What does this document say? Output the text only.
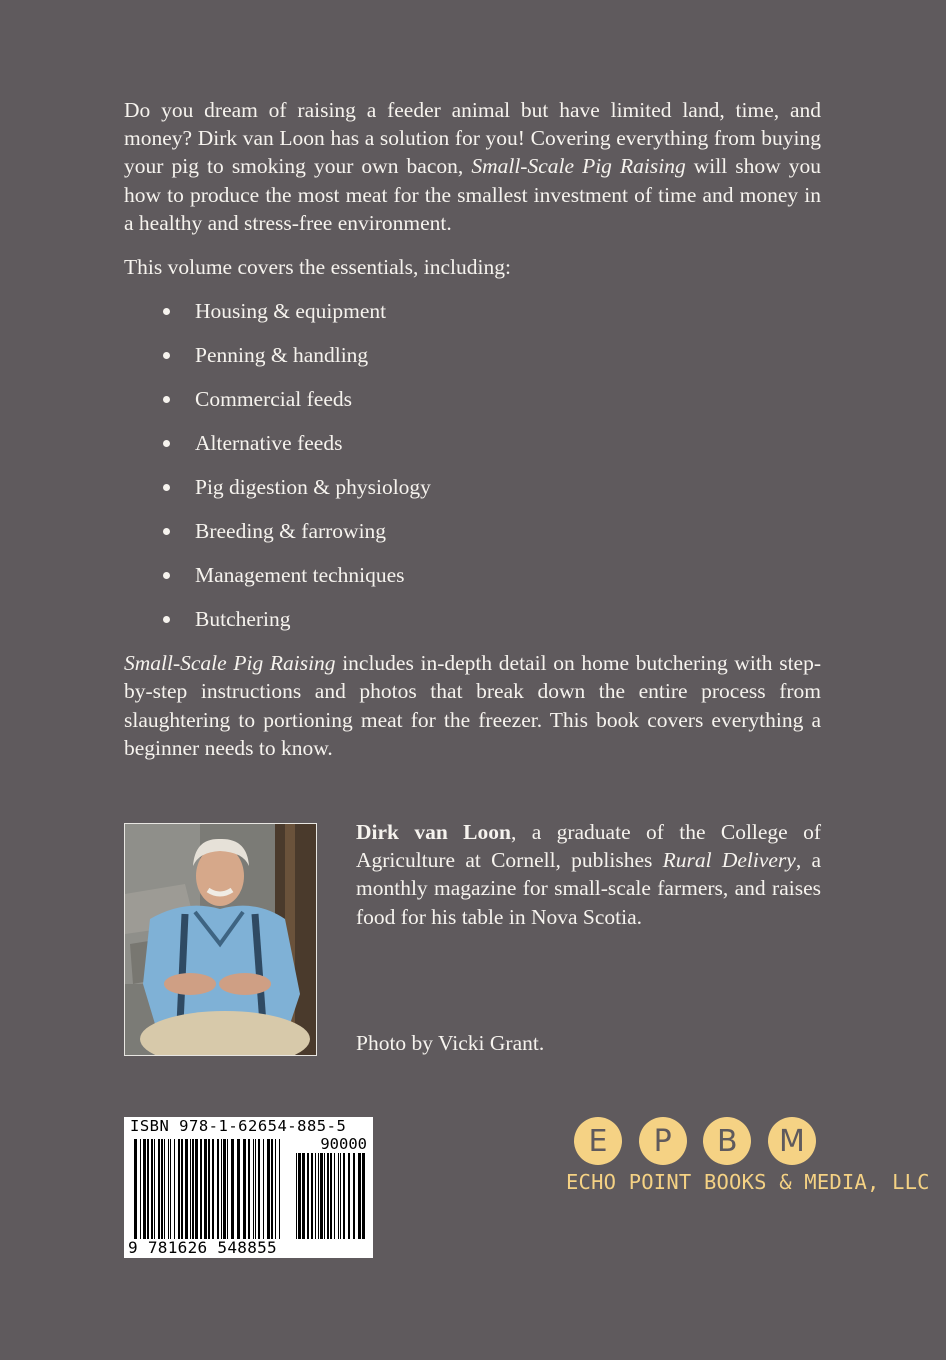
Do you dream of raising a feeder animal but have limited land, time, and money? Dirk van Loon has a solution for you! Covering everything from buying your pig to smoking your own bacon, Small-Scale Pig Raising will show you how to produce the most meat for the smallest investment of time and money in a healthy and stress-free environment.

This volume covers the essentials, including:

Housing & equipment
Penning & handling
Commercial feeds
Alternative feeds
Pig digestion & physiology
Breeding & farrowing
Management techniques
Butchering

Small-Scale Pig Raising includes in-depth detail on home butchering with step-by-step instructions and photos that break down the entire process from slaughtering to portioning meat for the freezer. This book covers everything a beginner needs to know.

Dirk van Loon, a graduate of the College of Agriculture at Cornell, publishes Rural Delivery, a monthly magazine for small-scale farmers, and raises food for his table in Nova Scotia.
Photo by Vicki Grant.
ISBN 978-1-62654-885-5
90000
9 781626 548855
E	P	B	M
ECHO POINT BOOKS & MEDIA, LLC
